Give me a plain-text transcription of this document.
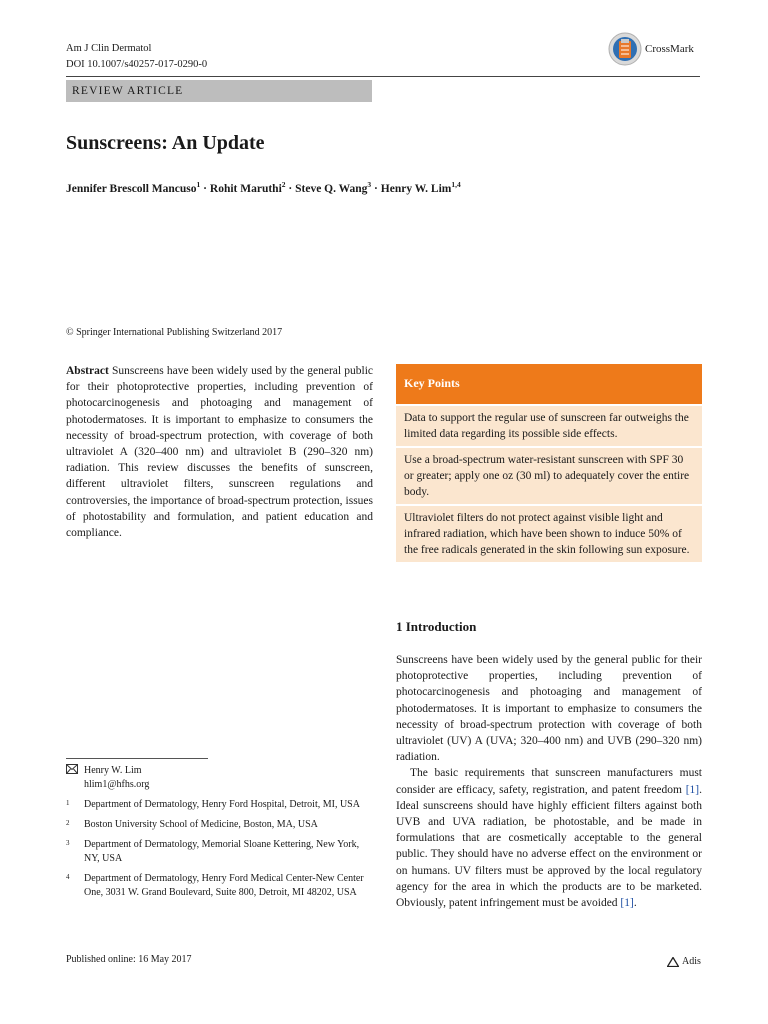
Am J Clin Dermatol
DOI 10.1007/s40257-017-0290-0
CrossMark
REVIEW ARTICLE
Sunscreens: An Update
Jennifer Brescoll Mancuso$^1$ · Rohit Maruthi$^2$ · Steve Q. Wang$^3$ · Henry W. Lim$^{1,4}$
© Springer International Publishing Switzerland 2017
Abstract Sunscreens have been widely used by the general public for their photoprotective properties, including prevention of photocarcinogenesis and photoaging and management of photodermatoses. It is important to emphasize to consumers the necessity of broad-spectrum protection, with coverage of both ultraviolet A (320–400 nm) and ultraviolet B (290–320 nm) radiation. This review discusses the benefits of sunscreen, different ultraviolet filters, sunscreen regulations and controversies, the importance of broad-spectrum protection, issues of photostability and formulation, and patient education and compliance.
Key Points
Data to support the regular use of sunscreen far outweighs the limited data regarding its possible side effects.
Use a broad-spectrum water-resistant sunscreen with SPF 30 or greater; apply one oz (30 ml) to adequately cover the entire body.
Ultraviolet filters do not protect against visible light and infrared radiation, which have been shown to induce 50% of the free radicals generated in the skin following sun exposure.
1 Introduction

Sunscreens have been widely used by the general public for their photoprotective properties, including prevention of photocarcinogenesis and photoaging and management of photodermatoses. It is important to emphasize to consumers the necessity of broad-spectrum protection with coverage of both ultraviolet (UV) A (UVA; 320–400 nm) and UVB (290–320 nm) radiation.

The basic requirements that sunscreen manufacturers must consider are efficacy, safety, registration, and patent freedom [1]. Ideal sunscreens should have highly efficient filters against both UVB and UVA radiation, be photostable, and be made in formulations that are cosmetically acceptable to the general public. They should have no adverse effect on the environment or on humans. UV filters must be approved by the local regulatory agency for the area in which the products are to be marketed. Obviously, patent infringement must be avoided [1].

Henry W. Lim
hlim1@hfhs.org
1	Department of Dermatology, Henry Ford Hospital, Detroit, MI, USA
2	Boston University School of Medicine, Boston, MA, USA
3	Department of Dermatology, Memorial Sloane Kettering, New York, NY, USA
4	Department of Dermatology, Henry Ford Medical Center-New Center One, 3031 W. Grand Boulevard, Suite 800, Detroit, MI 48202, USA
Published online: 16 May 2017	Adis
